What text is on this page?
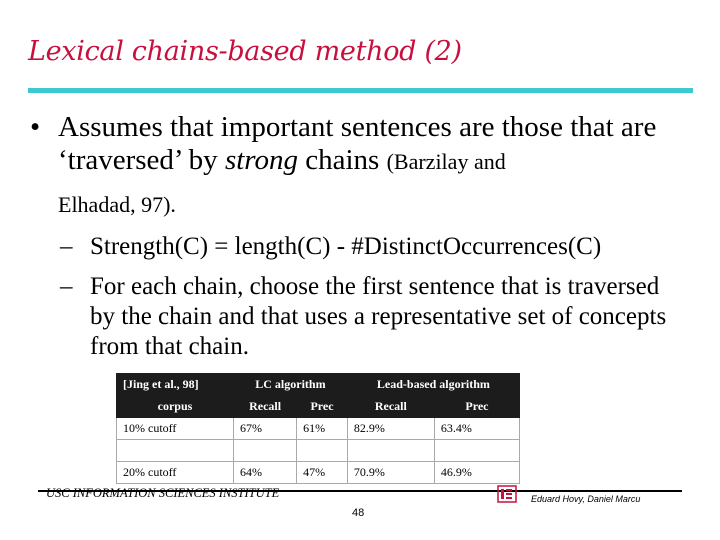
Lexical chains-based method (2)
• Assumes that important sentences are those that are ‘traversed’ by strong chains (Barzilay and
Elhadad, 97).
– Strength(C) = length(C) - #DistinctOccurrences(C)
– For each chain, choose the first sentence that is traversed by the chain and that uses a representative set of concepts from that chain.
[Jing et al., 98]	LC algorithm		Lead-based algorithm	
corpus	Recall	Prec	Recall	Prec
10% cutoff	67%	61%	82.9%	63.4%

20% cutoff	64%	47%	70.9%	46.9%
USC INFORMATION SCIENCES INSTITUTE
48
Eduard Hovy, Daniel Marcu
